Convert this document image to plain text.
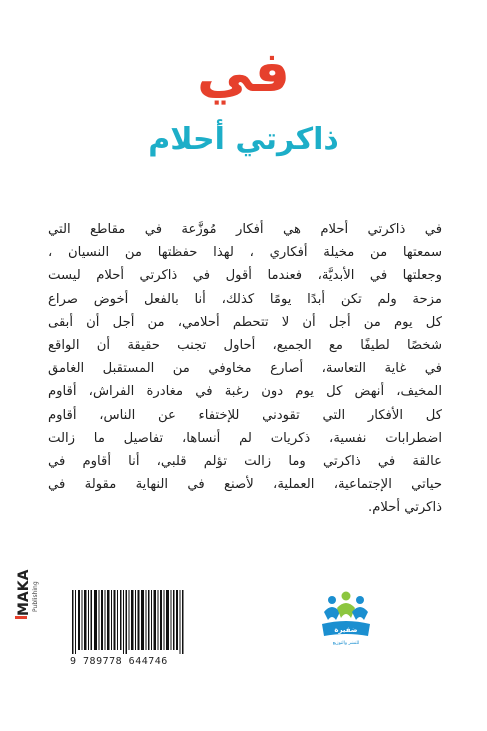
في
ذاكرتي أحلام
في ذاكرتي أحلام هي أفكار مُوزَّعة في مقاطع التي
سمعتها من مخيلة أفكاري ، لهذا حفظتها من النسيان ،
وجعلتها في الأبديَّة، فعندما أقول في ذاكرتي أحلام ليست
مزحة ولم تكن أبدًا يومًا كذلك، أنا بالفعل أخوض صراع
كل يوم من أجل أن لا تتحطم أحلامي، من أجل أن أبقى
شخصًا لطيفًا مع الجميع، أحاول تجنب حقيقة أن الواقع
في غاية التعاسة، أصارع مخاوفي من المستقبل الغامق
المخيف، أنهض كل يوم دون رغبة في مغادرة الفراش، أقاوم
كل الأفكار التي تقودني للإختفاء عن الناس، أقاوم
اضطرابات نفسية، ذكريات لم أنساها، تفاصيل ما زالت
عالقة في ذاكرتي وما زالت تؤلم قلبي، أنا أقاوم في
حياتي الإجتماعية، العملية، لأصنع في النهاية مقولة في
ذاكرتي أحلام.
MAKA Publishing
9 789778 644746
ضفيرة
للنشر والتوزيع
